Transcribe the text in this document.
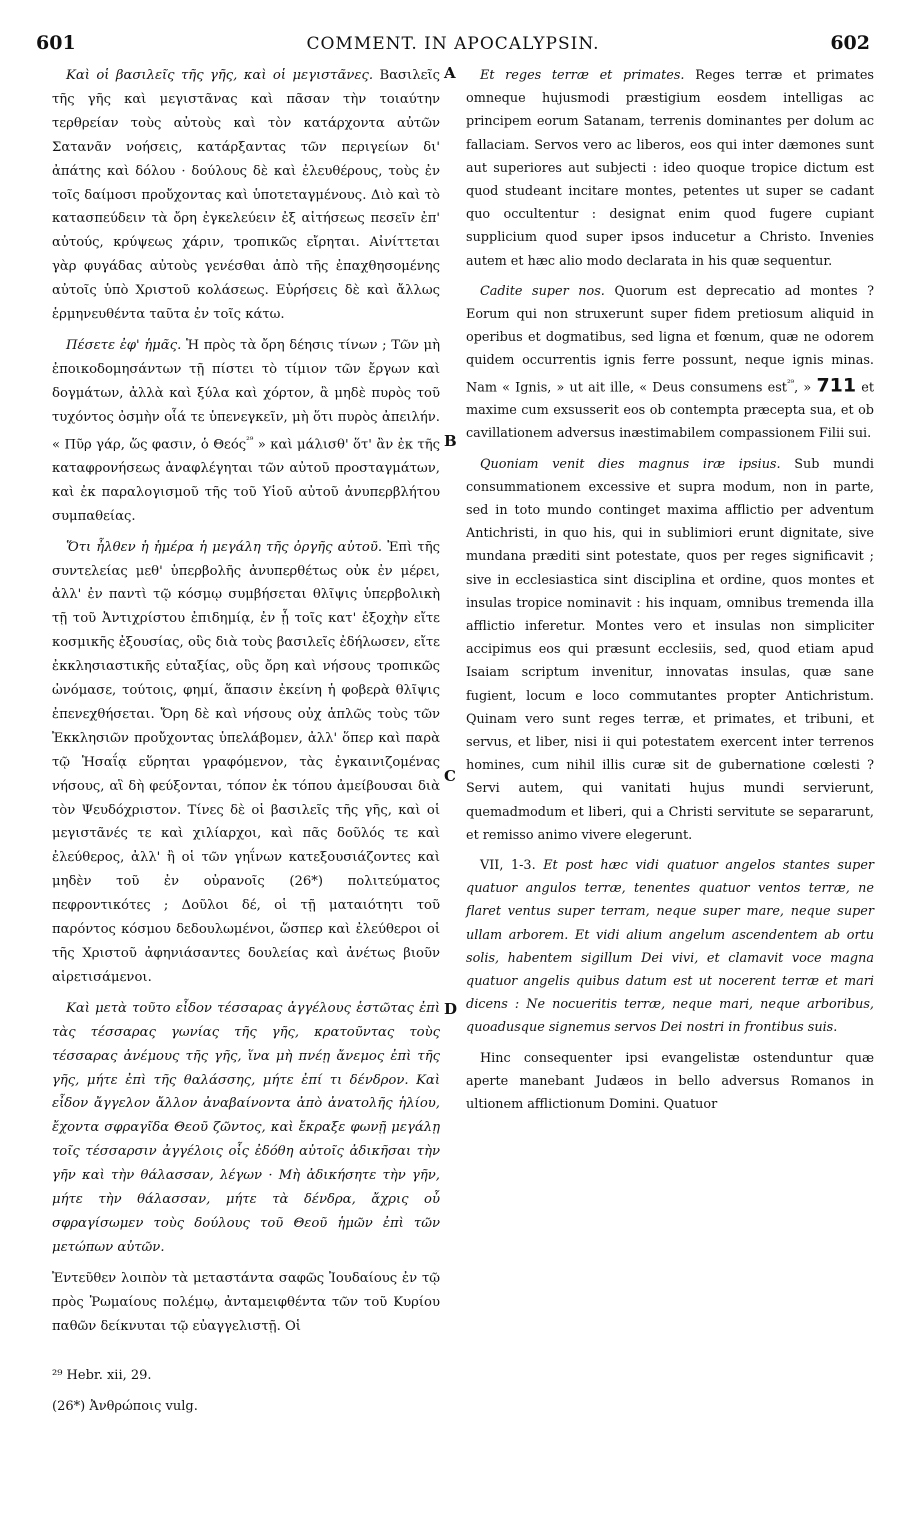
601	COMMENT. IN APOCALYPSIN.	602
A
B
C
D

Καὶ οἱ βασιλεῖς τῆς γῆς, καὶ οἱ μεγιστᾶνες. Βασιλεῖς τῆς γῆς καὶ μεγιστᾶνας καὶ πᾶσαν τὴν τοιαύτην τερθρείαν τοὺς αὐτοὺς καὶ τὸν κατάρχοντα αὐτῶν Σατανᾶν νοήσεις, κατάρξαντας τῶν περιγείων δι' ἀπάτης καὶ δόλου · δούλους δὲ καὶ ἐλευθέρους, τοὺς ἐν τοῖς δαίμοσι προὔχοντας καὶ ὑποτεταγμένους. Διὸ καὶ τὸ κατασπεύδειν τὰ ὄρη ἐγκελεύειν ἐξ αἰτήσεως πεσεῖν ἐπ' αὐτούς, κρύψεως χάριν, τροπικῶς εἴρηται. Αἰνίττεται γὰρ φυγάδας αὐτοὺς γενέσθαι ἀπὸ τῆς ἐπαχθησομένης αὐτοῖς ὑπὸ Χριστοῦ κολάσεως. Εὑρήσεις δὲ καὶ ἄλλως ἑρμηνευθέντα ταῦτα ἐν τοῖς κάτω.

Πέσετε ἐφ' ἡμᾶς. Ἡ πρὸς τὰ ὄρη δέησις τίνων ; Τῶν μὴ ἐποικοδομησάντων τῇ πίστει τὸ τίμιον τῶν ἔργων καὶ δογμάτων, ἀλλὰ καὶ ξύλα καὶ χόρτον, ἃ μηδὲ πυρὸς τοῦ τυχόντος ὀσμὴν οἷά τε ὑπενεγκεῖν, μὴ ὅτι πυρὸς ἀπειλήν. « Πῦρ γάρ, ὥς φασιν, ὁ Θεός$^{^{29}}$ » καὶ μάλισθ' ὅτ' ἂν ἐκ τῆς καταφρονήσεως ἀναφλέγηται τῶν αὐτοῦ προσταγμάτων, καὶ ἐκ παραλογισμοῦ τῆς τοῦ Υἱοῦ αὐτοῦ ἀνυπερβλήτου συμπαθείας.

Ὅτι ἦλθεν ἡ ἡμέρα ἡ μεγάλη τῆς ὀργῆς αὐτοῦ. Ἐπὶ τῆς συντελείας μεθ' ὑπερβολῆς ἀνυπερθέτως οὐκ ἐν μέρει, ἀλλ' ἐν παντὶ τῷ κόσμῳ συμβήσεται θλῖψις ὑπερβολικὴ τῇ τοῦ Ἀντιχρίστου ἐπιδημίᾳ, ἐν ᾗ τοῖς κατ' ἐξοχὴν εἴτε κοσμικῆς ἐξουσίας, οὓς διὰ τοὺς βασιλεῖς ἐδήλωσεν, εἴτε ἐκκλησιαστικῆς εὐταξίας, οὓς ὄρη καὶ νήσους τροπικῶς ὠνόμασε, τούτοις, φημί, ἅπασιν ἐκείνη ἡ φοβερὰ θλῖψις ἐπενεχθήσεται. Ὄρη δὲ καὶ νήσους οὐχ ἁπλῶς τοὺς τῶν Ἐκκλησιῶν προὔχοντας ὑπελάβομεν, ἀλλ' ὅπερ καὶ παρὰ τῷ Ἡσαΐᾳ εὕρηται γραφόμενον, τὰς ἐγκαινιζομένας νήσους, αἳ δὴ φεύξονται, τόπον ἐκ τόπου ἀμείβουσαι διὰ τὸν Ψευδόχριστον. Τίνες δὲ οἱ βασιλεῖς τῆς γῆς, καὶ οἱ μεγιστᾶνές τε καὶ χιλίαρχοι, καὶ πᾶς δοῦλός τε καὶ ἐλεύθερος, ἀλλ' ἢ οἱ τῶν γηΐνων κατεξουσιάζοντες καὶ μηδὲν τοῦ ἐν οὐρανοῖς (26*) πολιτεύματος πεφροντικότες ; Δοῦλοι δέ, οἱ τῇ ματαιότητι τοῦ παρόντος κόσμου δεδουλωμένοι, ὥσπερ καὶ ἐλεύθεροι οἱ τῆς Χριστοῦ ἀφηνιάσαντες δουλείας καὶ ἀνέτως βιοῦν αἱρετισάμενοι.

Καὶ μετὰ τοῦτο εἶδον τέσσαρας ἀγγέλους ἑστῶτας ἐπὶ τὰς τέσσαρας γωνίας τῆς γῆς, κρατοῦντας τοὺς τέσσαρας ἀνέμους τῆς γῆς, ἵνα μὴ πνέῃ ἄνεμος ἐπὶ τῆς γῆς, μήτε ἐπὶ τῆς θαλάσσης, μήτε ἐπί τι δένδρον. Καὶ εἶδον ἄγγελον ἄλλον ἀναβαίνοντα ἀπὸ ἀνατολῆς ἡλίου, ἔχοντα σφραγῖδα Θεοῦ ζῶντος, καὶ ἔκραξε φωνῇ μεγάλῃ τοῖς τέσσαρσιν ἀγγέλοις οἷς ἐδόθη αὐτοῖς ἀδικῆσαι τὴν γῆν καὶ τὴν θάλασσαν, λέγων · Μὴ ἀδικήσητε τὴν γῆν, μήτε τὴν θάλασσαν, μήτε τὰ δένδρα, ἄχρις οὗ σφραγίσωμεν τοὺς δούλους τοῦ Θεοῦ ἡμῶν ἐπὶ τῶν μετώπων αὐτῶν.

Ἐντεῦθεν λοιπὸν τὰ μεταστάντα σαφῶς Ἰουδαίους ἐν τῷ πρὸς Ῥωμαίους πολέμῳ, ἀνταμειφθέντα τῶν τοῦ Κυρίου παθῶν δείκνυται τῷ εὐαγγελιστῇ. Οἱ

Et reges terræ et primates. Reges terræ et primates omneque hujusmodi præstigium eosdem intelligas ac principem eorum Satanam, terrenis dominantes per dolum ac fallaciam. Servos vero ac liberos, eos qui inter dæmones sunt aut superiores aut subjecti : ideo quoque tropice dictum est quod studeant incitare montes, petentes ut super se cadant quo occultentur : designat enim quod fugere cupiant supplicium quod super ipsos inducetur a Christo. Invenies autem et hæc alio modo declarata in his quæ sequentur.

Cadite super nos. Quorum est deprecatio ad montes ? Eorum qui non struxerunt super fidem pretiosum aliquid in operibus et dogmatibus, sed ligna et fœnum, quæ ne odorem quidem occurrentis ignis ferre possunt, neque ignis minas. Nam « Ignis, » ut ait ille, « Deus consumens est$^{^{29}}$, » 711 et maxime cum exsusserit eos ob contempta præcepta sua, et ob cavillationem adversus inæstimabilem compassionem Filii sui.

Quoniam venit dies magnus iræ ipsius. Sub mundi consummationem excessive et supra modum, non in parte, sed in toto mundo continget maxima afflictio per adventum Antichristi, in quo his, qui in sublimiori erunt dignitate, sive mundana præditi sint potestate, quos per reges significavit ; sive in ecclesiastica sint disciplina et ordine, quos montes et insulas tropice nominavit : his inquam, omnibus tremenda illa afflictio inferetur. Montes vero et insulas non simpliciter accipimus eos qui præsunt ecclesiis, sed, quod etiam apud Isaiam scriptum invenitur, innovatas insulas, quæ sane fugient, locum e loco commutantes propter Antichristum. Quinam vero sunt reges terræ, et primates, et tribuni, et servus, et liber, nisi ii qui potestatem exercent inter terrenos homines, cum nihil illis curæ sit de gubernatione cœlesti ? Servi autem, qui vanitati hujus mundi servierunt, quemadmodum et liberi, qui a Christi servitute se separarunt, et remisso animo vivere elegerunt.

VII, 1-3. Et post hæc vidi quatuor angelos stantes super quatuor angulos terræ, tenentes quatuor ventos terræ, ne flaret ventus super terram, neque super mare, neque super ullam arborem. Et vidi alium angelum ascendentem ab ortu solis, habentem sigillum Dei vivi, et clamavit voce magna quatuor angelis quibus datum est ut nocerent terræ et mari dicens : Ne nocueritis terræ, neque mari, neque arboribus, quoadusque signemus servos Dei nostri in frontibus suis.

Hinc consequenter ipsi evangelistæ ostenduntur quæ aperte manebant Judæos in bello adversus Romanos in ultionem afflictionum Domini. Quatuor

²⁹ Hebr. xii, 29.

(26*) Ἀνθρώποις vulg.
